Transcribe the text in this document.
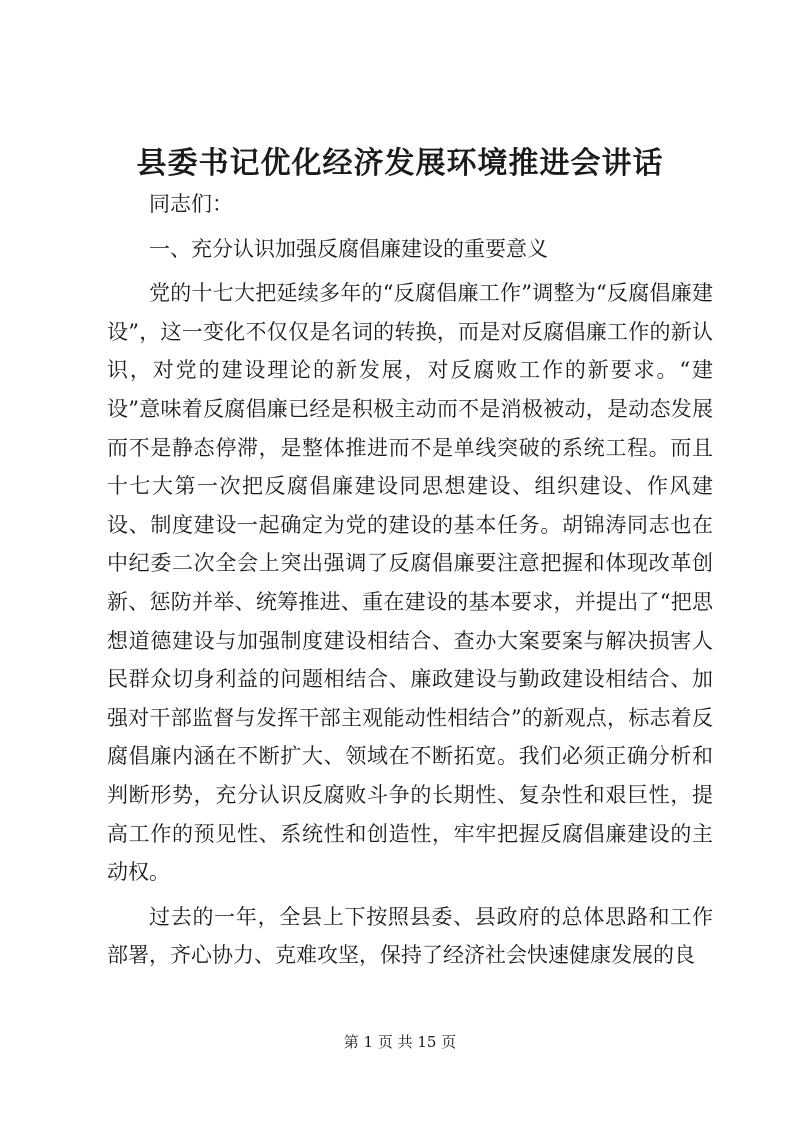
县委书记优化经济发展环境推进会讲话

同志们：

一、充分认识加强反腐倡廉建设的重要意义

党的十七大把延续多年的“反腐倡廉工作”调整为“反腐倡廉建设”，这一变化不仅仅是名词的转换，而是对反腐倡廉工作的新认识，对党的建设理论的新发展，对反腐败工作的新要求。“建设”意味着反腐倡廉已经是积极主动而不是消极被动，是动态发展而不是静态停滞，是整体推进而不是单线突破的系统工程。而且十七大第一次把反腐倡廉建设同思想建设、组织建设、作风建设、制度建设一起确定为党的建设的基本任务。胡锦涛同志也在中纪委二次全会上突出强调了反腐倡廉要注意把握和体现改革创新、惩防并举、统筹推进、重在建设的基本要求，并提出了“把思想道德建设与加强制度建设相结合、查办大案要案与解决损害人民群众切身利益的问题相结合、廉政建设与勤政建设相结合、加强对干部监督与发挥干部主观能动性相结合”的新观点，标志着反腐倡廉内涵在不断扩大、领域在不断拓宽。我们必须正确分析和判断形势，充分认识反腐败斗争的长期性、复杂性和艰巨性，提高工作的预见性、系统性和创造性，牢牢把握反腐倡廉建设的主动权。

过去的一年，全县上下按照县委、县政府的总体思路和工作部署，齐心协力、克难攻坚，保持了经济社会快速健康发展的良

第 1 页 共 15 页
